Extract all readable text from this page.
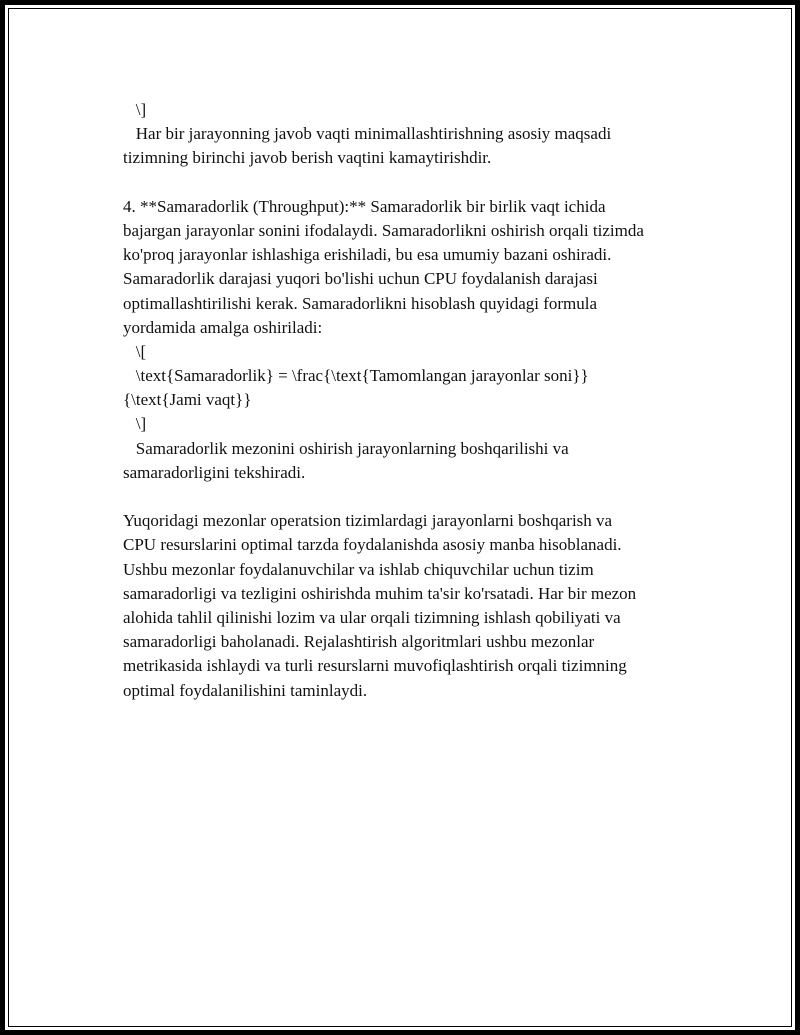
\]
Har bir jarayonning javob vaqti minimallashtirishning asosiy maqsadi
tizimning birinchi javob berish vaqtini kamaytirishdir.
4. **Samaradorlik (Throughput):** Samaradorlik bir birlik vaqt ichida
bajargan jarayonlar sonini ifodalaydi. Samaradorlikni oshirish orqali tizimda
ko'proq jarayonlar ishlashiga erishiladi, bu esa umumiy bazani oshiradi.
Samaradorlik darajasi yuqori bo'lishi uchun CPU foydalanish darajasi
optimallashtirilishi kerak. Samaradorlikni hisoblash quyidagi formula
yordamida amalga oshiriladi:
\[
\text{Samaradorlik} = \frac{\text{Tamomlangan jarayonlar soni}}
{\text{Jami vaqt}}
\]
Samaradorlik mezonini oshirish jarayonlarning boshqarilishi va
samaradorligini tekshiradi.
Yuqoridagi mezonlar operatsion tizimlardagi jarayonlarni boshqarish va
CPU resurslarini optimal tarzda foydalanishda asosiy manba hisoblanadi.
Ushbu mezonlar foydalanuvchilar va ishlab chiquvchilar uchun tizim
samaradorligi va tezligini oshirishda muhim ta'sir ko'rsatadi. Har bir mezon
alohida tahlil qilinishi lozim va ular orqali tizimning ishlash qobiliyati va
samaradorligi baholanadi. Rejalashtirish algoritmlari ushbu mezonlar
metrikasida ishlaydi va turli resurslarni muvofiqlashtirish orqali tizimning
optimal foydalanilishini taminlaydi.
